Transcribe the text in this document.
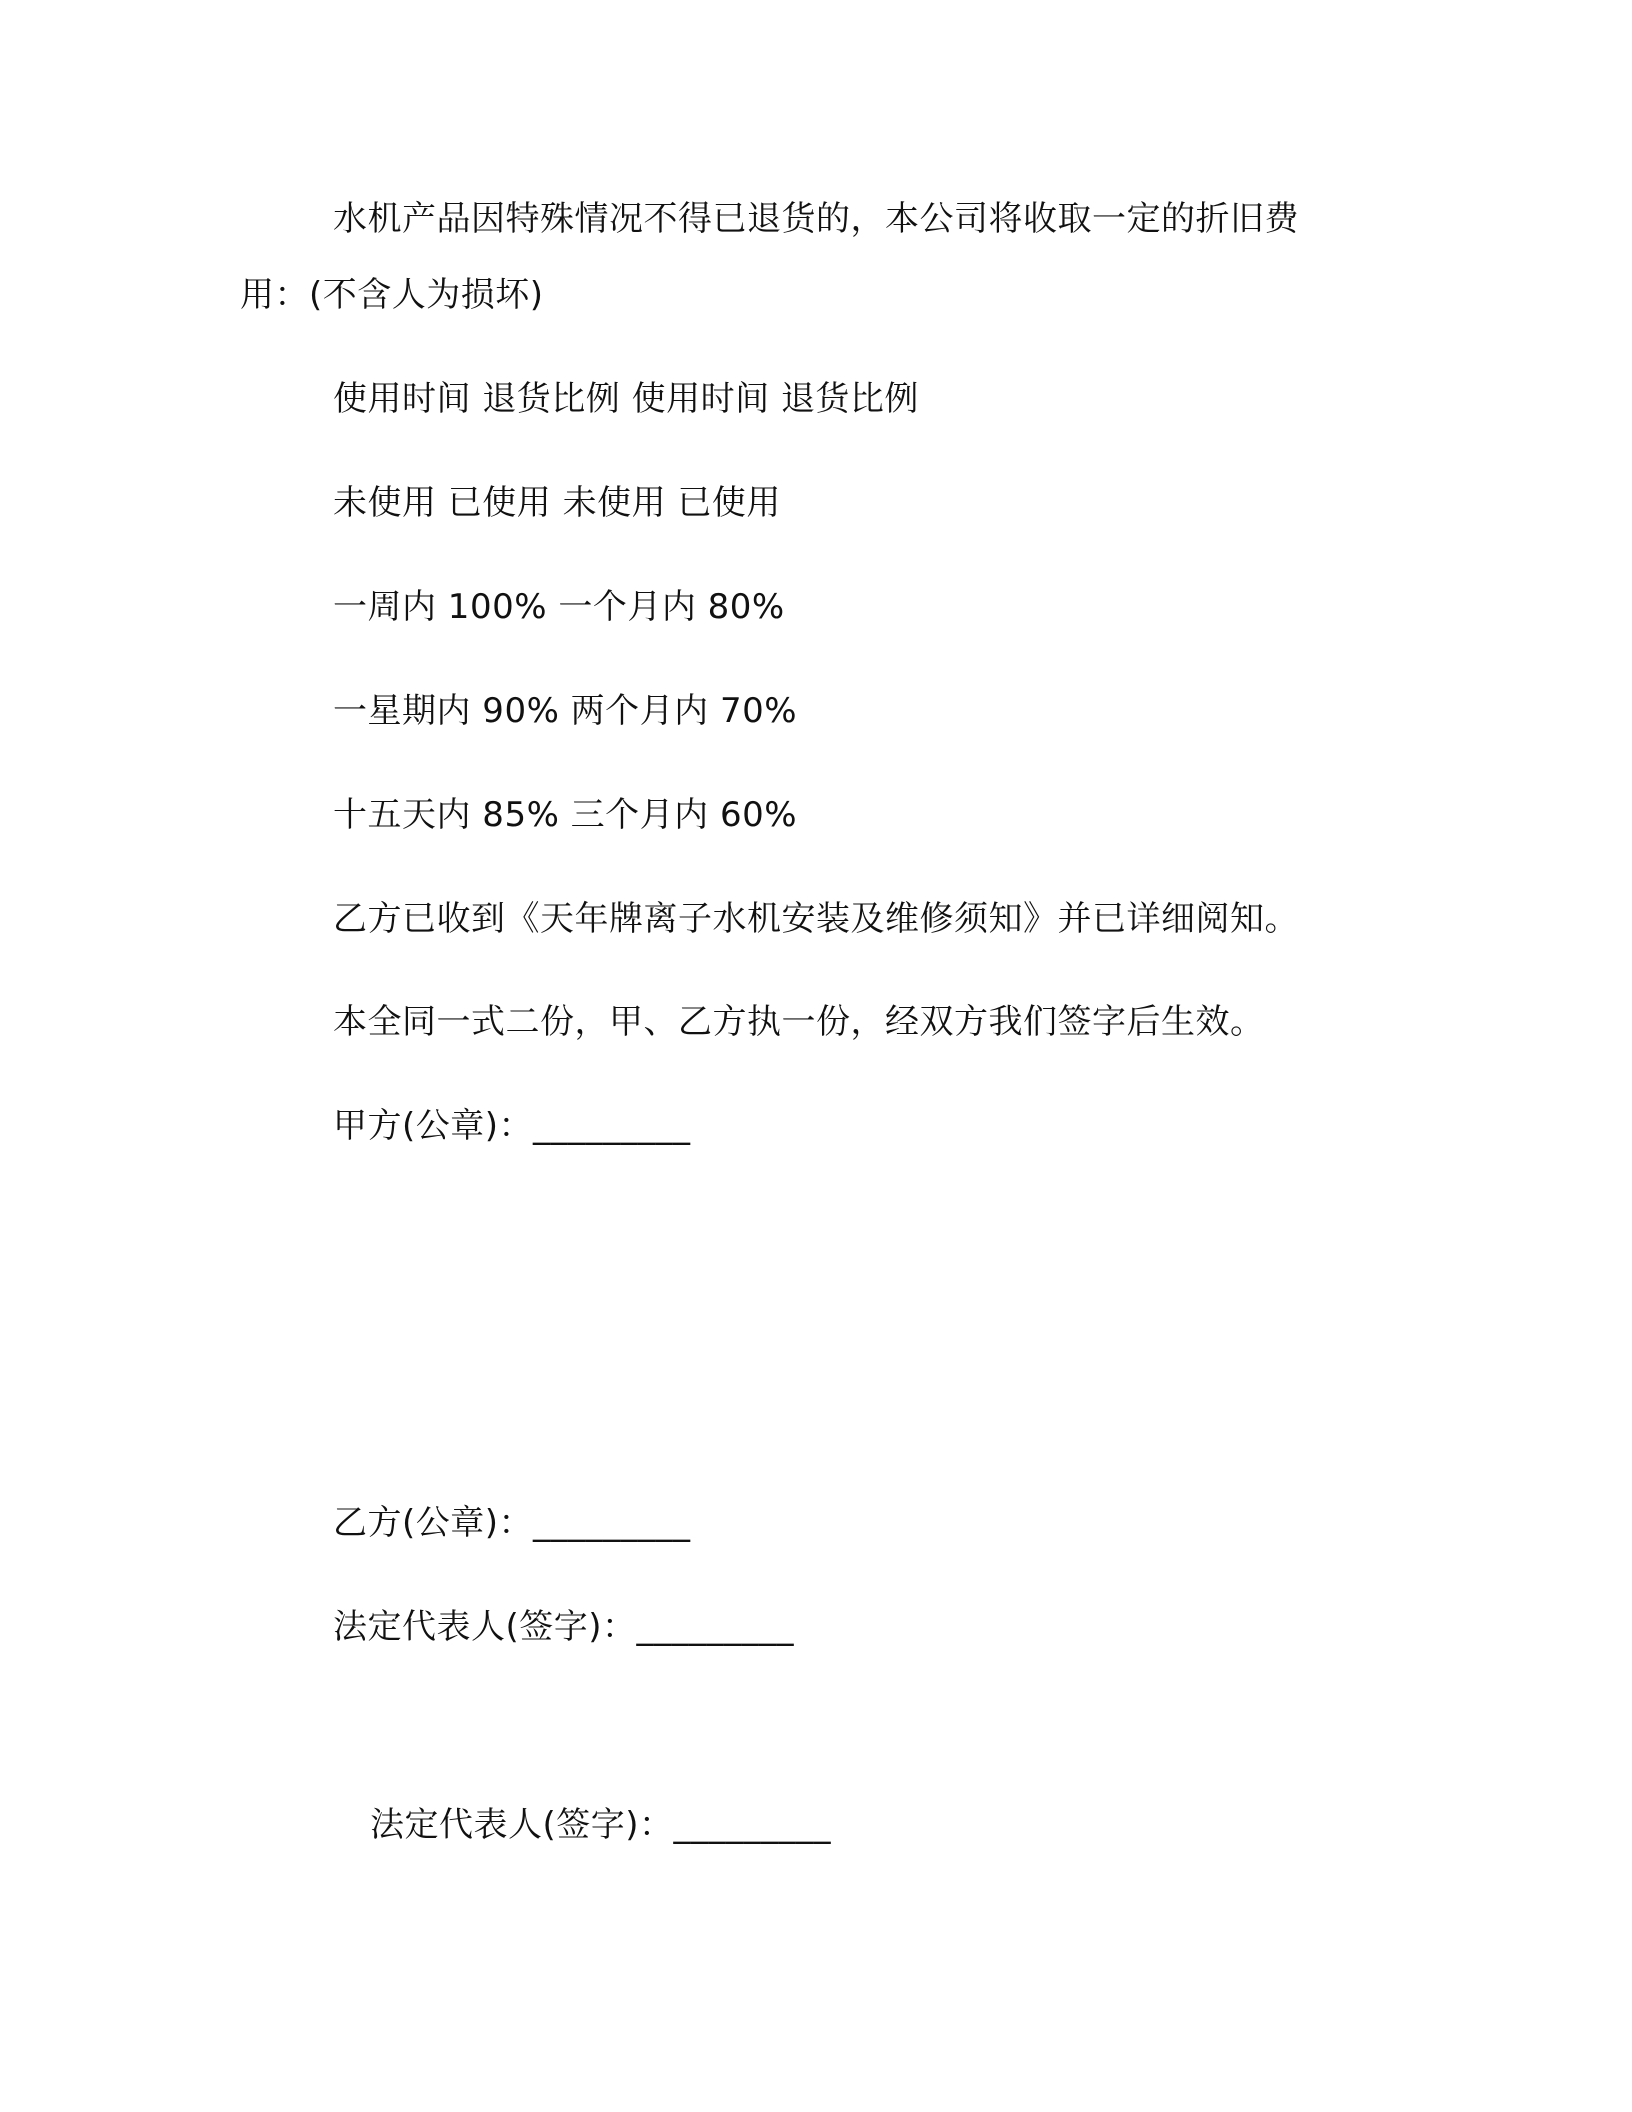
水机产品因特殊情况不得已退货的，本公司将收取一定的折旧费
用：(不含人为损坏)
使用时间 退货比例 使用时间 退货比例
未使用 已使用 未使用 已使用
一周内 100% 一个月内 80%
一星期内 90% 两个月内 70%
十五天内 85% 三个月内 60%
乙方已收到《天年牌离子水机安装及维修须知》并已详细阅知。
本全同一式二份，甲、乙方执一份，经双方我们签字后生效。
甲方(公章)：_________
乙方(公章)：_________
法定代表人(签字)：_________
法定代表人(签字)：_________
